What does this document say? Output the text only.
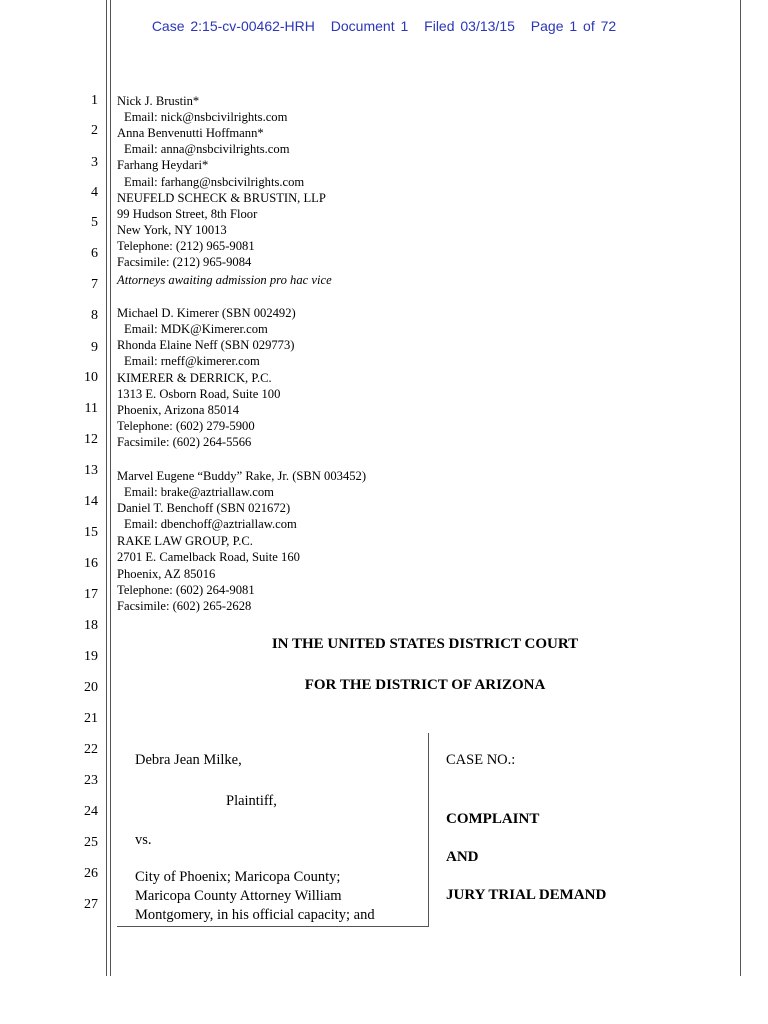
Case 2:15-cv-00462-HRH Document 1 Filed 03/13/15 Page 1 of 72
1
2
3
4
5
6
7
8
9
10
11
12
13
14
15
16
17
18
19
20
21
22
23
24
25
26
27
Nick J. Brustin*
Email: nick@nsbcivilrights.com
Anna Benvenutti Hoffmann*
Email: anna@nsbcivilrights.com
Farhang Heydari*
Email: farhang@nsbcivilrights.com
NEUFELD SCHECK & BRUSTIN, LLP
99 Hudson Street, 8th Floor
New York, NY 10013
Telephone: (212) 965-9081
Facsimile: (212) 965-9084
Attorneys awaiting admission pro hac vice
Michael D. Kimerer (SBN 002492)
Email: MDK@Kimerer.com
Rhonda Elaine Neff (SBN 029773)
Email: rneff@kimerer.com
KIMERER & DERRICK, P.C.
1313 E. Osborn Road, Suite 100
Phoenix, Arizona 85014
Telephone: (602) 279-5900
Facsimile: (602) 264-5566
Marvel Eugene “Buddy” Rake, Jr. (SBN 003452)
Email: brake@aztriallaw.com
Daniel T. Benchoff (SBN 021672)
Email: dbenchoff@aztriallaw.com
RAKE LAW GROUP, P.C.
2701 E. Camelback Road, Suite 160
Phoenix, AZ 85016
Telephone: (602) 264-9081
Facsimile: (602) 265-2628
IN THE UNITED STATES DISTRICT COURT
FOR THE DISTRICT OF ARIZONA
Debra Jean Milke,
Plaintiff,
vs.
City of Phoenix; Maricopa County;
Maricopa County Attorney William
Montgomery, in his official capacity; and
CASE NO.:
COMPLAINT
AND
JURY TRIAL DEMAND
